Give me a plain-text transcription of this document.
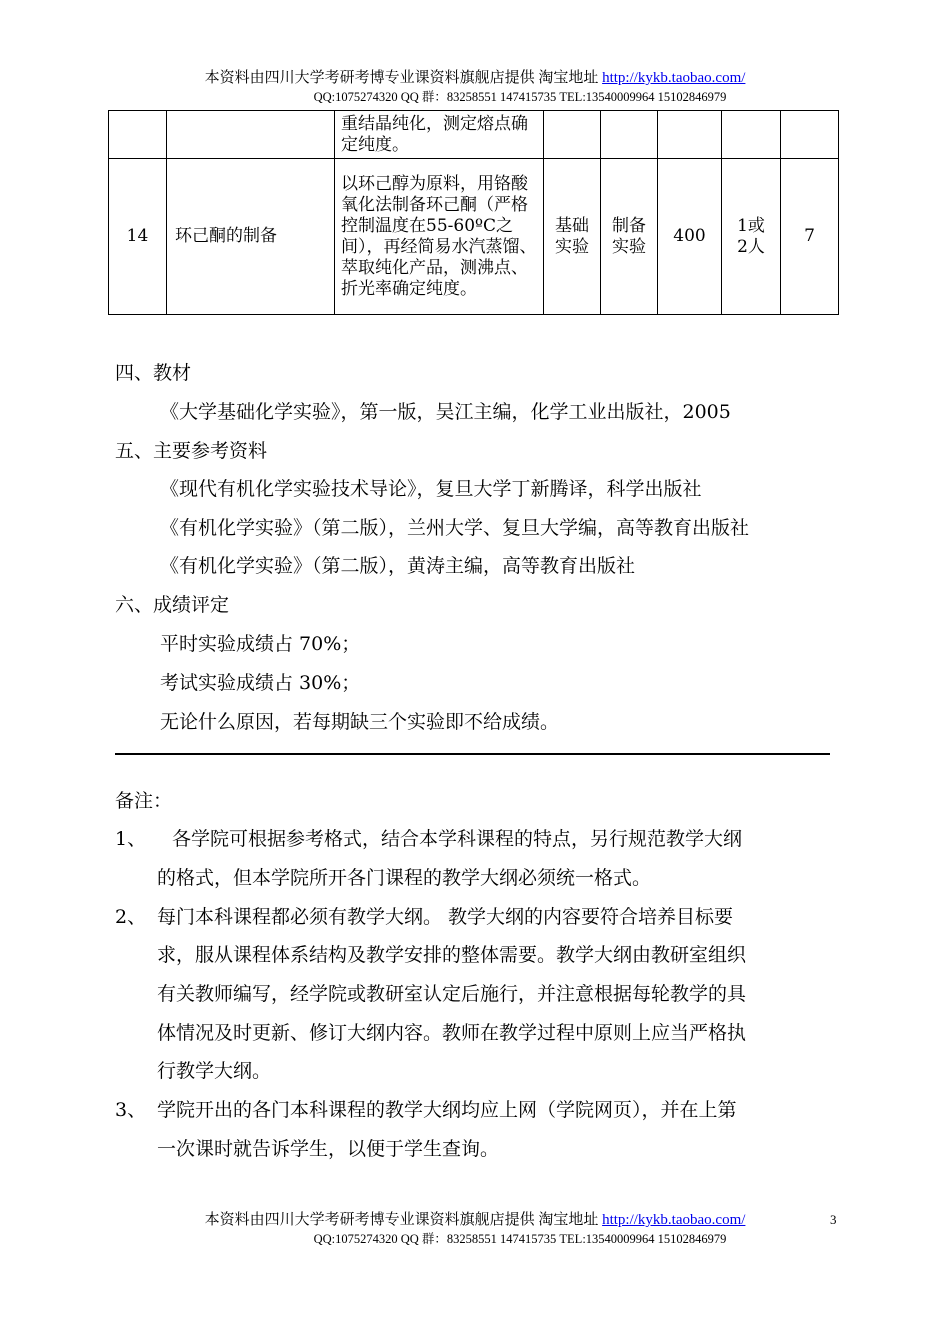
本资料由四川大学考研考博专业课资料旗舰店提供 淘宝地址 http://kykb.taobao.com/
QQ:1075274320 QQ 群：83258551 147415735 TEL:13540009964 15102846979
		重结晶纯化，测定熔点确定纯度。					
14	环己酮的制备	以环己醇为原料，用铬酸氧化法制备环己酮（严格控制温度在55-60ºC之间），再经简易水汽蒸馏、萃取纯化产品，测沸点、折光率确定纯度。	基础实验	制备实验	400	1或2人	7
四、教材
《大学基础化学实验》，第一版，吴江主编，化学工业出版社，2005
五、主要参考资料
《现代有机化学实验技术导论》，复旦大学丁新腾译，科学出版社
《有机化学实验》（第二版），兰州大学、复旦大学编，高等教育出版社
《有机化学实验》（第二版），黄涛主编，高等教育出版社
六、成绩评定
平时实验成绩占 70%；
考试实验成绩占 30%；
无论什么原因，若每期缺三个实验即不给成绩。
备注：
1、 各学院可根据参考格式，结合本学科课程的特点，另行规范教学大纲
的格式，但本学院所开各门课程的教学大纲必须统一格式。
2、 每门本科课程都必须有教学大纲。 教学大纲的内容要符合培养目标要
求，服从课程体系结构及教学安排的整体需要。教学大纲由教研室组织
有关教师编写，经学院或教研室认定后施行，并注意根据每轮教学的具
体情况及时更新、修订大纲内容。教师在教学过程中原则上应当严格执
行教学大纲。
3、 学院开出的各门本科课程的教学大纲均应上网（学院网页），并在上第
一次课时就告诉学生，以便于学生查询。
本资料由四川大学考研考博专业课资料旗舰店提供 淘宝地址 http://kykb.taobao.com/
QQ:1075274320 QQ 群：83258551 147415735 TEL:13540009964 15102846979
3
